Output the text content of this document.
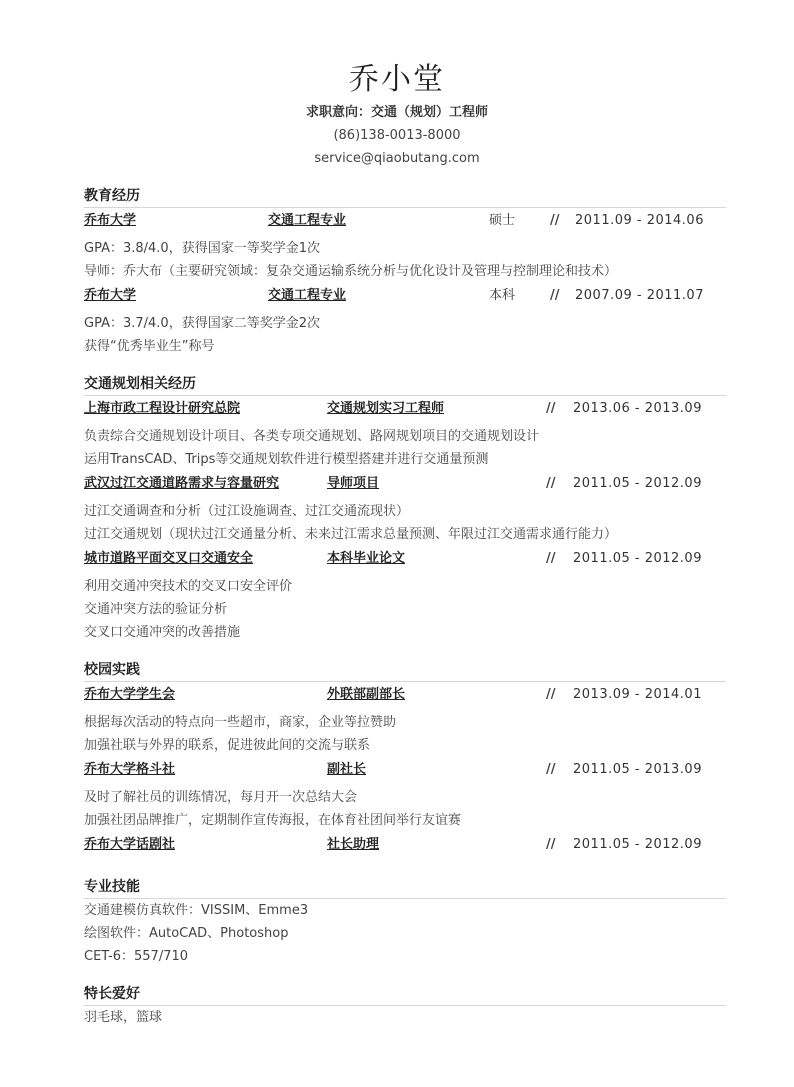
乔小堂
求职意向：交通（规划）工程师
(86)138-0013-8000
service@qiaobutang.com
教育经历
乔布大学	交通工程专业	硕士	// 2011.09 - 2014.06
GPA：3.8/4.0，获得国家一等奖学金1次
导师：乔大布（主要研究领域：复杂交通运输系统分析与优化设计及管理与控制理论和技术）
乔布大学	交通工程专业	本科	// 2007.09 - 2011.07
GPA：3.7/4.0，获得国家二等奖学金2次
获得“优秀毕业生”称号
交通规划相关经历
上海市政工程设计研究总院	交通规划实习工程师	// 2013.06 - 2013.09
负责综合交通规划设计项目、各类专项交通规划、路网规划项目的交通规划设计
运用TransCAD、Trips等交通规划软件进行模型搭建并进行交通量预测
武汉过江交通道路需求与容量研究	导师项目	// 2011.05 - 2012.09
过江交通调查和分析（过江设施调查、过江交通流现状）
过江交通规划（现状过江交通量分析、未来过江需求总量预测、年限过江交通需求通行能力）
城市道路平面交叉口交通安全	本科毕业论文	// 2011.05 - 2012.09
利用交通冲突技术的交叉口安全评价
交通冲突方法的验证分析
交叉口交通冲突的改善措施
校园实践
乔布大学学生会	外联部副部长	// 2013.09 - 2014.01
根据每次活动的特点向一些超市，商家，企业等拉赞助
加强社联与外界的联系，促进彼此间的交流与联系
乔布大学格斗社	副社长	// 2011.05 - 2013.09
及时了解社员的训练情况，每月开一次总结大会
加强社团品牌推广，定期制作宣传海报，在体育社团间举行友谊赛
乔布大学话剧社	社长助理	// 2011.05 - 2012.09
专业技能
交通建模仿真软件：VISSIM、Emme3
绘图软件：AutoCAD、Photoshop
CET-6：557/710
特长爱好
羽毛球，篮球
